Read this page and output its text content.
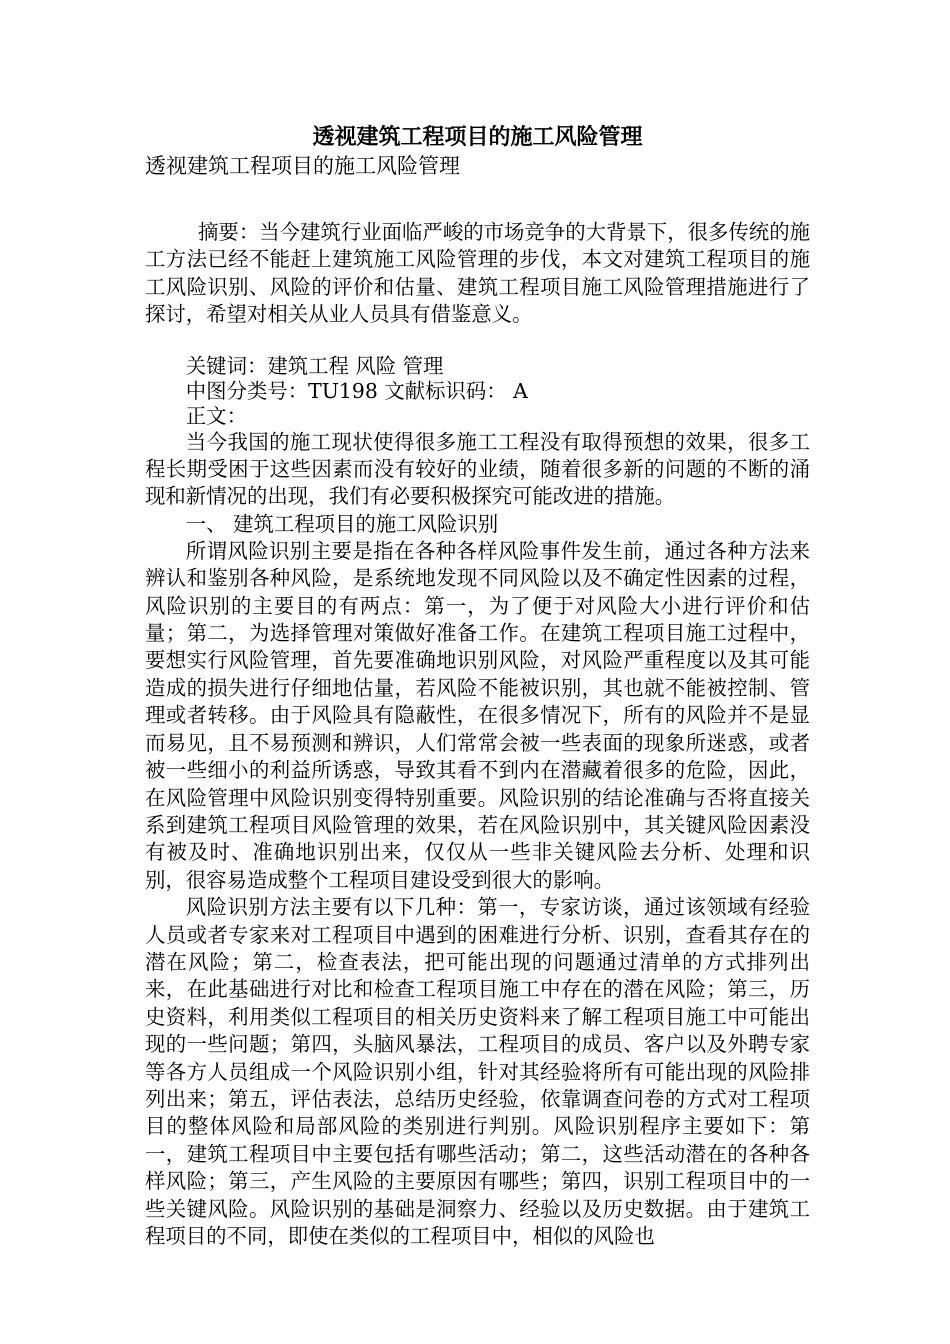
透视建筑工程项目的施工风险管理

透视建筑工程项目的施工风险管理

摘要：当今建筑行业面临严峻的市场竞争的大背景下，很多传统的施工方法已经不能赶上建筑施工风险管理的步伐，本文对建筑工程项目的施工风险识别、风险的评价和估量、建筑工程项目施工风险管理措施进行了探讨，希望对相关从业人员具有借鉴意义。

关键词：建筑工程 风险 管理

中图分类号：TU198 文献标识码： A

正文：

当今我国的施工现状使得很多施工工程没有取得预想的效果，很多工程长期受困于这些因素而没有较好的业绩，随着很多新的问题的不断的涌现和新情况的出现，我们有必要积极探究可能改进的措施。

一、 建筑工程项目的施工风险识别

所谓风险识别主要是指在各种各样风险事件发生前，通过各种方法来辨认和鉴别各种风险，是系统地发现不同风险以及不确定性因素的过程，风险识别的主要目的有两点：第一，为了便于对风险大小进行评价和估量；第二，为选择管理对策做好准备工作。在建筑工程项目施工过程中，要想实行风险管理，首先要准确地识别风险，对风险严重程度以及其可能造成的损失进行仔细地估量，若风险不能被识别，其也就不能被控制、管理或者转移。由于风险具有隐蔽性，在很多情况下，所有的风险并不是显而易见，且不易预测和辨识，人们常常会被一些表面的现象所迷惑，或者被一些细小的利益所诱惑，导致其看不到内在潜藏着很多的危险，因此，在风险管理中风险识别变得特别重要。风险识别的结论准确与否将直接关系到建筑工程项目风险管理的效果，若在风险识别中，其关键风险因素没有被及时、准确地识别出来，仅仅从一些非关键风险去分析、处理和识别，很容易造成整个工程项目建设受到很大的影响。

风险识别方法主要有以下几种：第一，专家访谈，通过该领域有经验人员或者专家来对工程项目中遇到的困难进行分析、识别，查看其存在的潜在风险；第二，检查表法，把可能出现的问题通过清单的方式排列出来，在此基础进行对比和检查工程项目施工中存在的潜在风险；第三，历史资料，利用类似工程项目的相关历史资料来了解工程项目施工中可能出现的一些问题；第四，头脑风暴法，工程项目的成员、客户以及外聘专家等各方人员组成一个风险识别小组，针对其经验将所有可能出现的风险排列出来；第五，评估表法，总结历史经验，依靠调查问卷的方式对工程项目的整体风险和局部风险的类别进行判别。风险识别程序主要如下：第一，建筑工程项目中主要包括有哪些活动；第二，这些活动潜在的各种各样风险；第三，产生风险的主要原因有哪些；第四，识别工程项目中的一些关键风险。风险识别的基础是洞察力、经验以及历史数据。由于建筑工程项目的不同，即使在类似的工程项目中，相似的风险也
